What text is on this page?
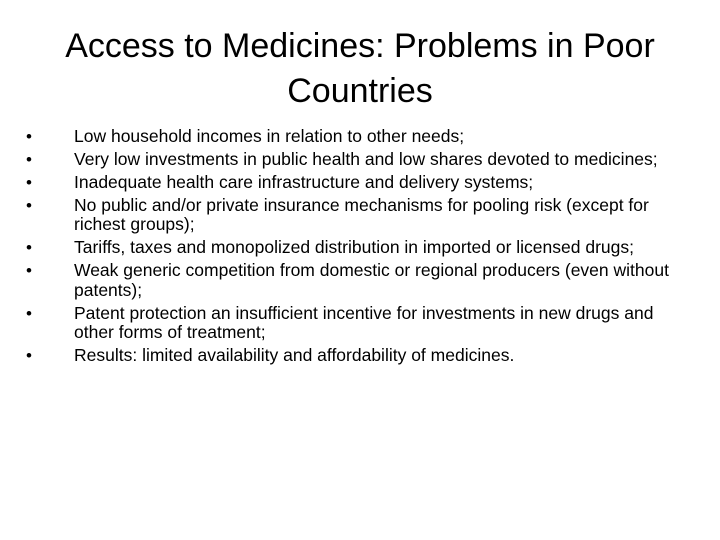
Access to Medicines: Problems in Poor Countries
•	Low household incomes in relation to other needs;
•	Very low investments in public health and low shares devoted to medicines;
•	Inadequate health care infrastructure and delivery systems;
•	No public and/or private insurance mechanisms for pooling risk (except for richest groups);
•	Tariffs, taxes and monopolized distribution in imported or licensed drugs;
•	Weak generic competition from domestic or regional producers (even without patents);
•	Patent protection an insufficient incentive for investments in new drugs and other forms of treatment;
•	Results: limited availability and affordability of medicines.
